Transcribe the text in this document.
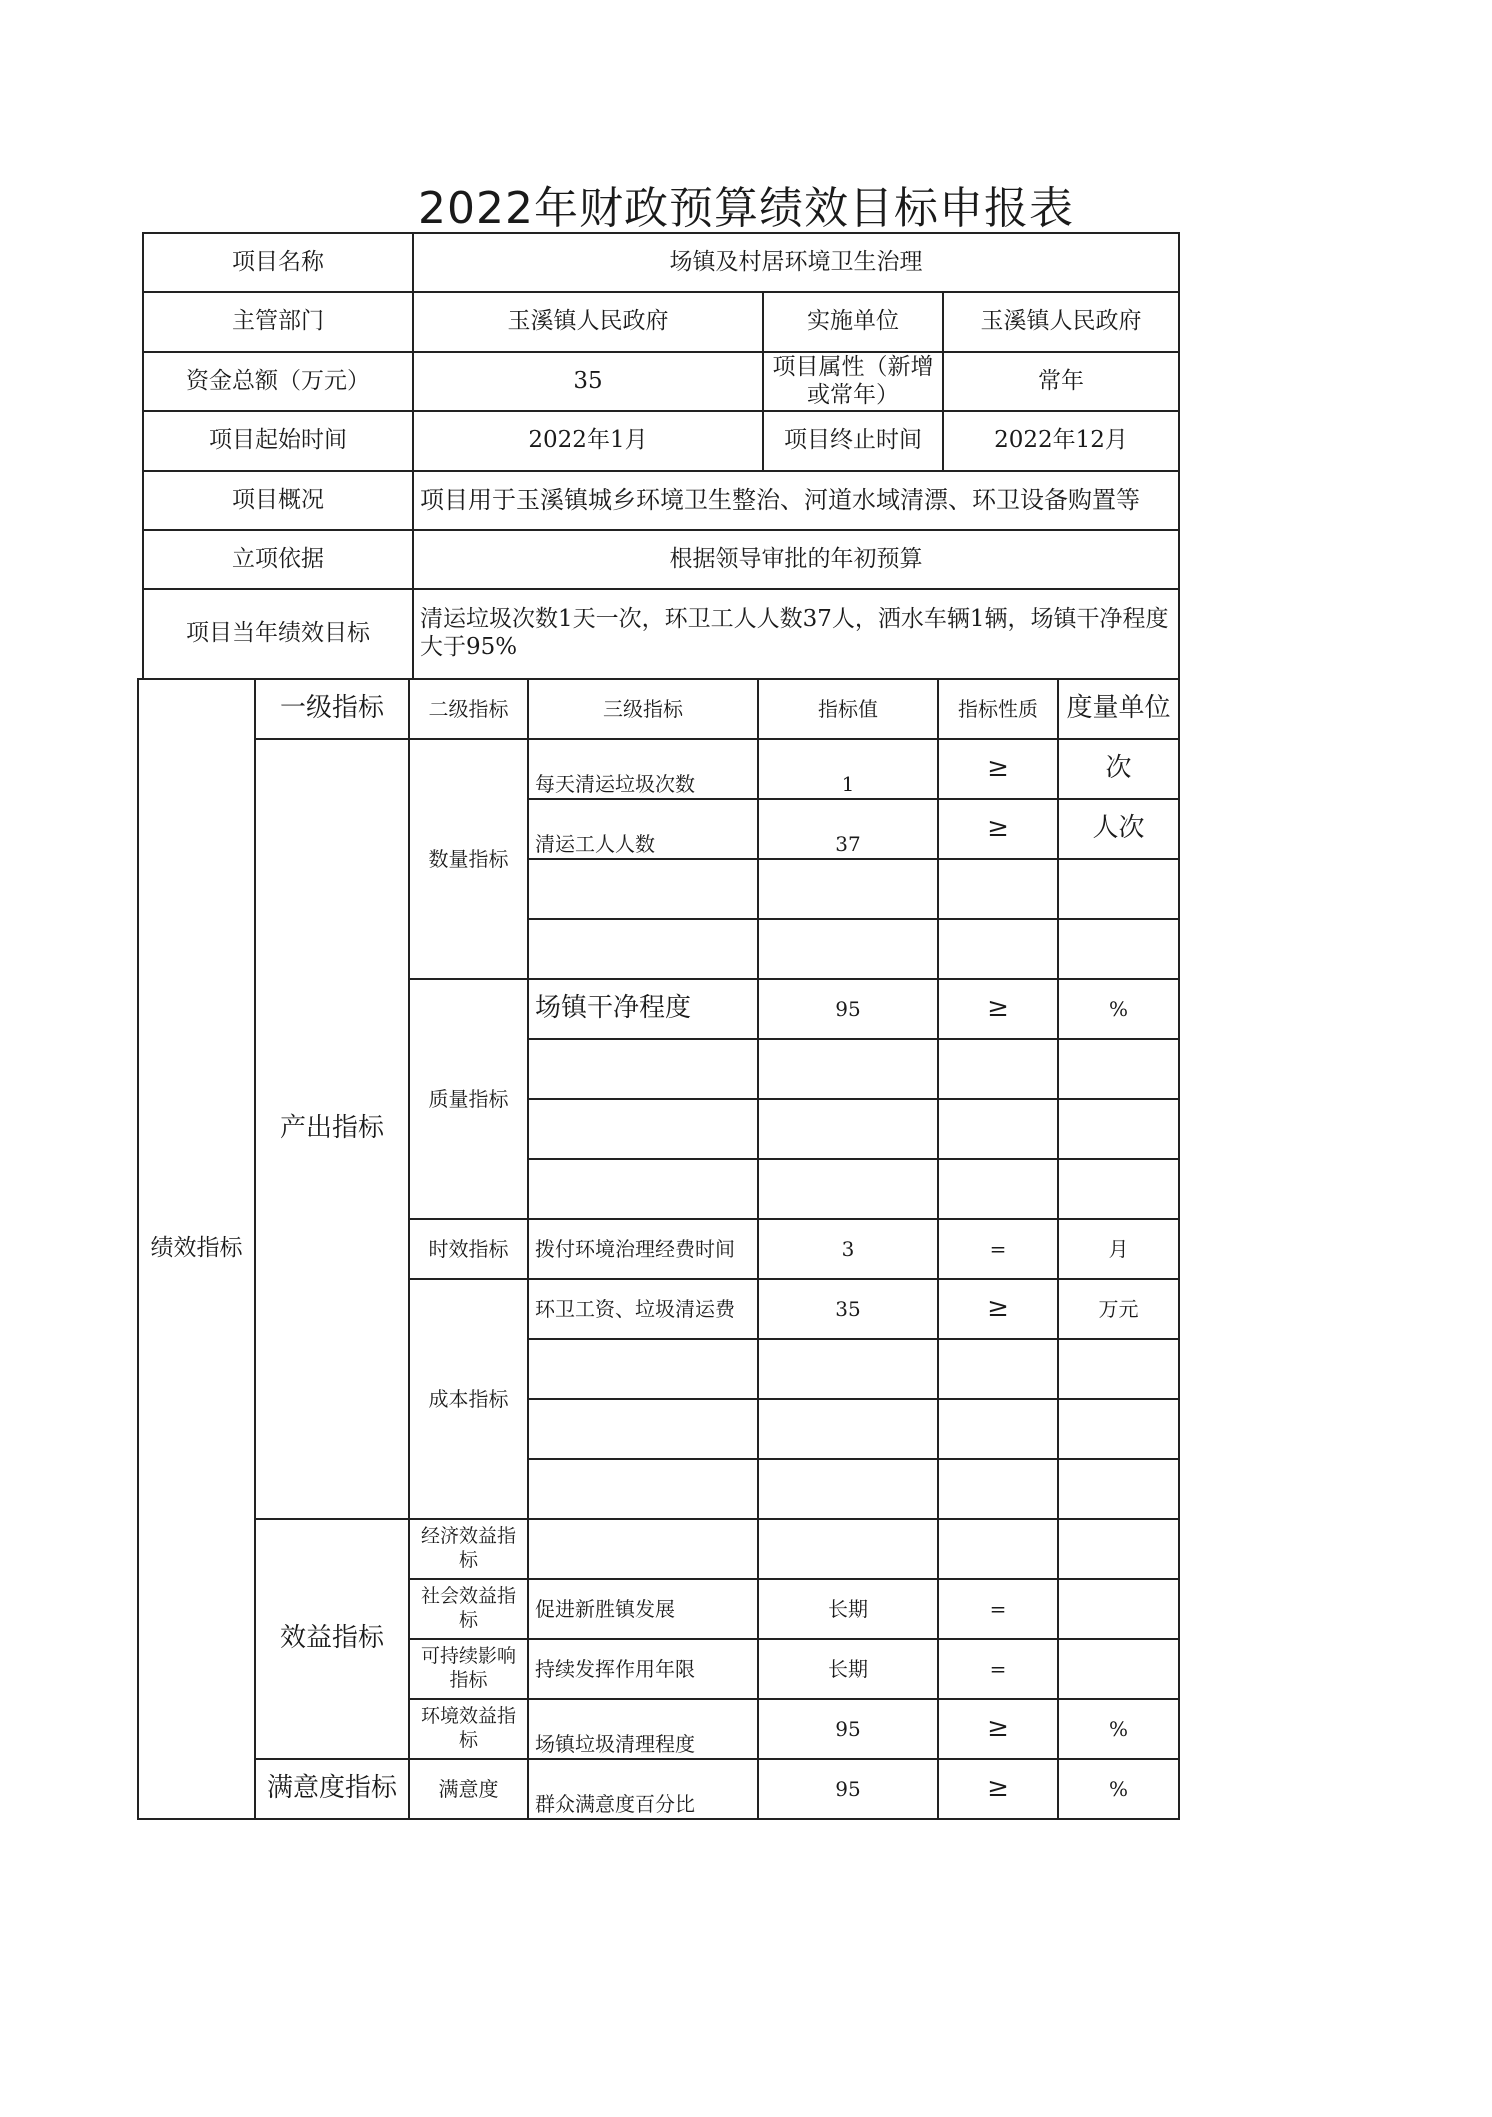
2022年财政预算绩效目标申报表
项目名称	场镇及村居环境卫生治理		
主管部门	玉溪镇人民政府	实施单位	玉溪镇人民政府
资金总额（万元）	35	项目属性（新增或常年）	常年
项目起始时间	2022年1月	项目终止时间	2022年12月
项目概况	项目用于玉溪镇城乡环境卫生整治、河道水域清漂、环卫设备购置等		
立项依据	根据领导审批的年初预算		
项目当年绩效目标	清运垃圾次数1天一次，环卫工人人数37人，洒水车辆1辆，场镇干净程度大于95%		
绩效指标	一级指标	二级指标	三级指标	指标值	指标性质	度量单位
	产出指标	数量指标	每天清运垃圾次数	1	≥	次
			清运工人人数	37	≥	人次

		质量指标	场镇干净程度	95	≥	%

		时效指标	拨付环境治理经费时间	3	=	月
		成本指标	环卫工资、垃圾清运费	35	≥	万元

	效益指标	经济效益指标				
		社会效益指标	促进新胜镇发展	长期	=	
		可持续影响指标	持续发挥作用年限	长期	=	
		环境效益指标	场镇垃圾清理程度	95	≥	%
	满意度指标	满意度	群众满意度百分比	95	≥	%
